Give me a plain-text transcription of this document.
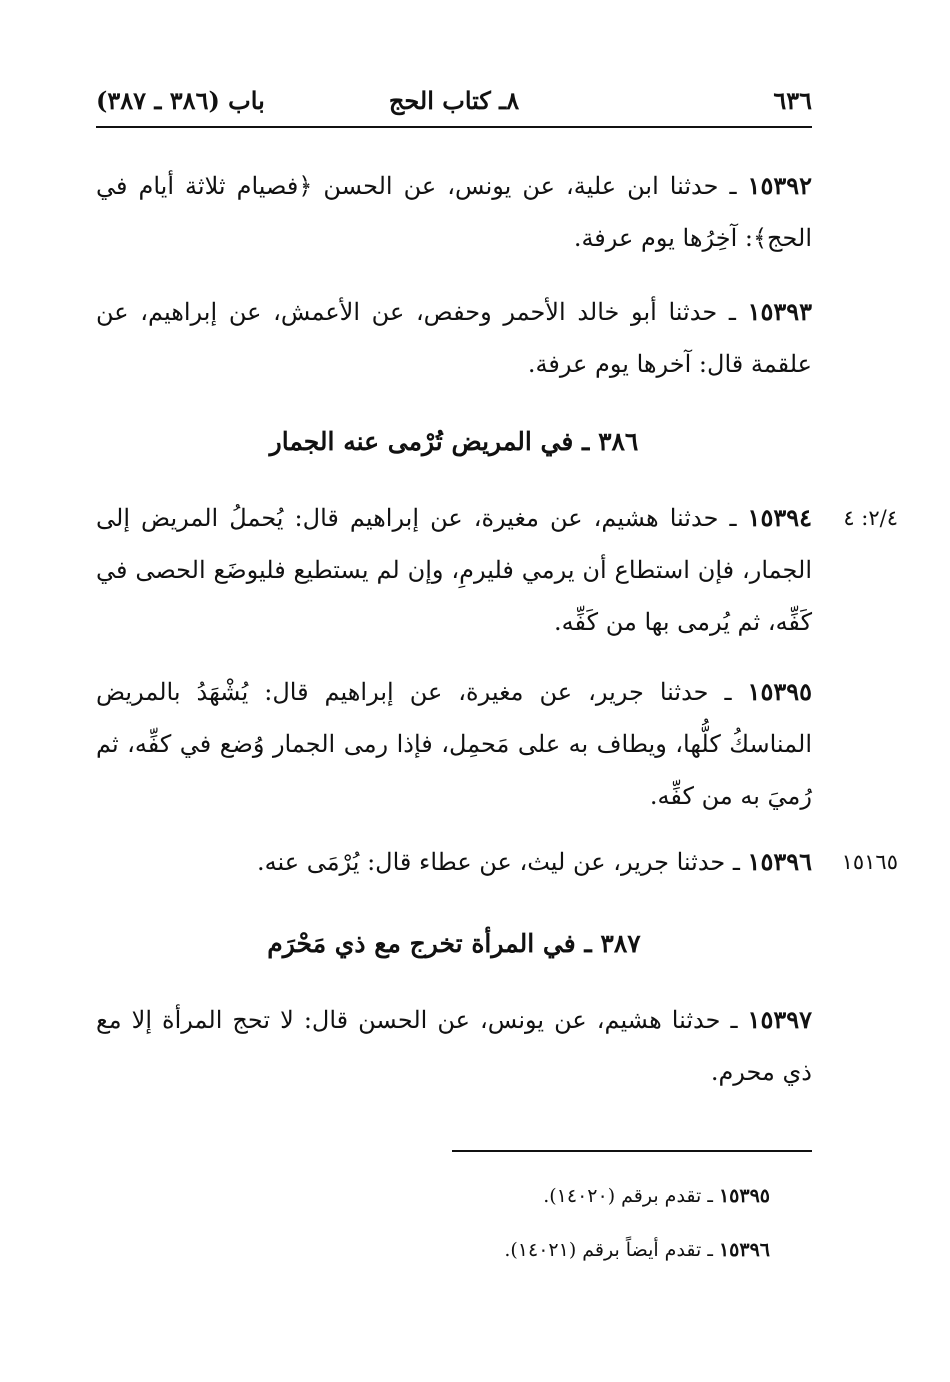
٦٣٦
٨ـ كتاب الحج
باب (٣٨٦ ـ ٣٨٧)
١٥٣٩٢ ـ حدثنا ابن علية، عن يونس، عن الحسن ﴿فصيام ثلاثة أيام في الحج﴾: آخِرُها يوم عرفة.
١٥٣٩٣ ـ حدثنا أبو خالد الأحمر وحفص، عن الأعمش، عن إبراهيم، عن علقمة قال: آخرها يوم عرفة.
٣٨٦ ـ في المريض تُرْمى عنه الجمار
٢/٤: ٤
١٥٣٩٤ ـ حدثنا هشيم، عن مغيرة، عن إبراهيم قال: يُحملُ المريض إلى الجمار، فإن استطاع أن يرمي فليرمِ، وإن لم يستطيع فليوضَع الحصى في كَفِّه، ثم يُرمى بها من كَفِّه.
١٥٣٩٥ ـ حدثنا جرير، عن مغيرة، عن إبراهيم قال: يُشْهَدُ بالمريض المناسكُ كلُّها، ويطاف به على مَحمِل، فإذا رمى الجمار وُضع في كفِّه، ثم رُميَ به من كفِّه.
١٥١٦٥
١٥٣٩٦ ـ حدثنا جرير، عن ليث، عن عطاء قال: يُرْمَى عنه.
٣٨٧ ـ في المرأة تخرج مع ذي مَحْرَم
١٥٣٩٧ ـ حدثنا هشيم، عن يونس، عن الحسن قال: لا تحج المرأة إلا مع ذي محرم.
١٥٣٩٥ ـ تقدم برقم (١٤٠٢٠).
١٥٣٩٦ ـ تقدم أيضاً برقم (١٤٠٢١).
